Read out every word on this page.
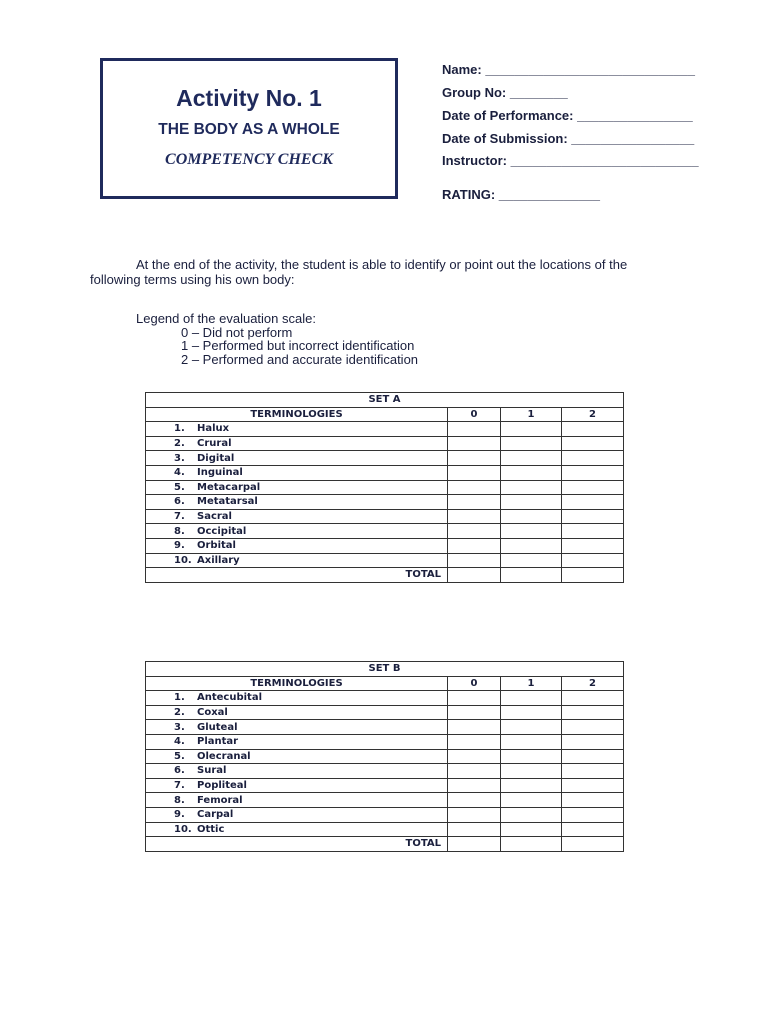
Activity No. 1
THE BODY AS A WHOLE
COMPETENCY CHECK
Name: _____________________________
Group No: ________
Date of Performance: ________________
Date of Submission: _________________
Instructor: __________________________
RATING: ______________
At the end of the activity, the student is able to identify or point out the locations of the
following terms using his own body:
Legend of the evaluation scale:
0 – Did not perform
1 – Performed but incorrect identification
2 – Performed and accurate identification
SET A			
TERMINOLOGIES	0	1	2
1. Halux			
2. Crural			
3. Digital			
4. Inguinal			
5. Metacarpal			
6. Metatarsal			
7. Sacral			
8. Occipital			
9. Orbital			
10. Axillary			
TOTAL			
SET B			
TERMINOLOGIES	0	1	2
1. Antecubital			
2. Coxal			
3. Gluteal			
4. Plantar			
5. Olecranal			
6. Sural			
7. Popliteal			
8. Femoral			
9. Carpal			
10. Ottic			
TOTAL			
